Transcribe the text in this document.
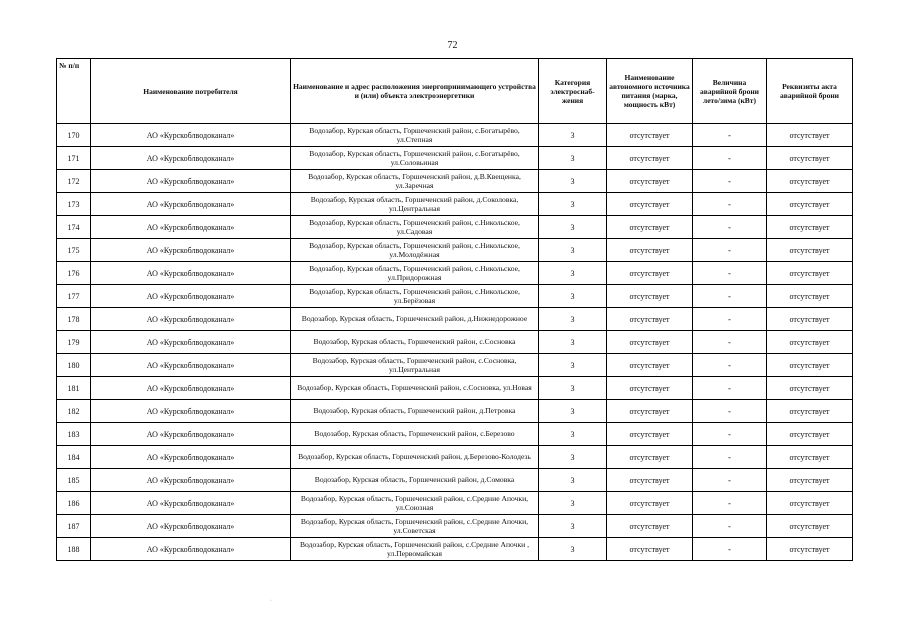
72
№ п/п	Наименование потребителя	Наименование и адрес расположения энергопринимающего устройства и (или) объекта электроэнергетики	Категория электроснаб-жения	Наименование автономного источника питания (марка, мощность кВт)	Величина аварийной брони лето/зима (кВт)	Реквизиты акта аварийной брони
170	АО «Курскоблводоканал»	Водозабор, Курская область, Горшеченский район, с.Богатырёво, ул.Степная	3	отсутствует	-	отсутствует
171	АО «Курскоблводоканал»	Водозабор, Курская область, Горшеченский район, с.Богатырёво, ул.Соловьиная	3	отсутствует	-	отсутствует
172	АО «Курскоблводоканал»	Водозабор, Курская область, Горшеченский район, д.В.Квещенка, ул.Заречная	3	отсутствует	-	отсутствует
173	АО «Курскоблводоканал»	Водозабор, Курская область, Горшеченский район, д.Соколовка, ул.Центральная	3	отсутствует	-	отсутствует
174	АО «Курскоблводоканал»	Водозабор, Курская область, Горшеченский район, с.Никольское, ул.Садовая	3	отсутствует	-	отсутствует
175	АО «Курскоблводоканал»	Водозабор, Курская область, Горшеченский район, с.Никольское, ул.Молодёжная	3	отсутствует	-	отсутствует
176	АО «Курскоблводоканал»	Водозабор, Курская область, Горшеченский район, с.Никольское, ул.Придорожная	3	отсутствует	-	отсутствует
177	АО «Курскоблводоканал»	Водозабор, Курская область, Горшеченский район, с.Никольское, ул.Берёзовая	3	отсутствует	-	отсутствует
178	АО «Курскоблводоканал»	Водозабор, Курская область, Горшеченский район, д.Нижнедорожное	3	отсутствует	-	отсутствует
179	АО «Курскоблводоканал»	Водозабор, Курская область, Горшеченский район, с.Сосновка	3	отсутствует	-	отсутствует
180	АО «Курскоблводоканал»	Водозабор, Курская область, Горшеченский район, с.Сосновка, ул.Центральная	3	отсутствует	-	отсутствует
181	АО «Курскоблводоканал»	Водозабор, Курская область, Горшеченский район, с.Сосновка, ул.Новая	3	отсутствует	-	отсутствует
182	АО «Курскоблводоканал»	Водозабор, Курская область, Горшеченский район, д.Петровка	3	отсутствует	-	отсутствует
183	АО «Курскоблводоканал»	Водозабор, Курская область, Горшеченский район, с.Березово	3	отсутствует	-	отсутствует
184	АО «Курскоблводоканал»	Водозабор, Курская область, Горшеченский район, д.Березово-Колодезь	3	отсутствует	-	отсутствует
185	АО «Курскоблводоканал»	Водозабор, Курская область, Горшеченский район, д.Сомовка	3	отсутствует	-	отсутствует
186	АО «Курскоблводоканал»	Водозабор, Курская область, Горшеченский район, с.Средние Апочки, ул.Союзная	3	отсутствует	-	отсутствует
187	АО «Курскоблводоканал»	Водозабор, Курская область, Горшеченский район, с.Средние Апочки, ул.Советская	3	отсутствует	-	отсутствует
188	АО «Курскоблводоканал»	Водозабор, Курская область, Горшеченский район, с.Средние Апочки , ул.Первомайская	3	отсутствует	-	отсутствует
·
